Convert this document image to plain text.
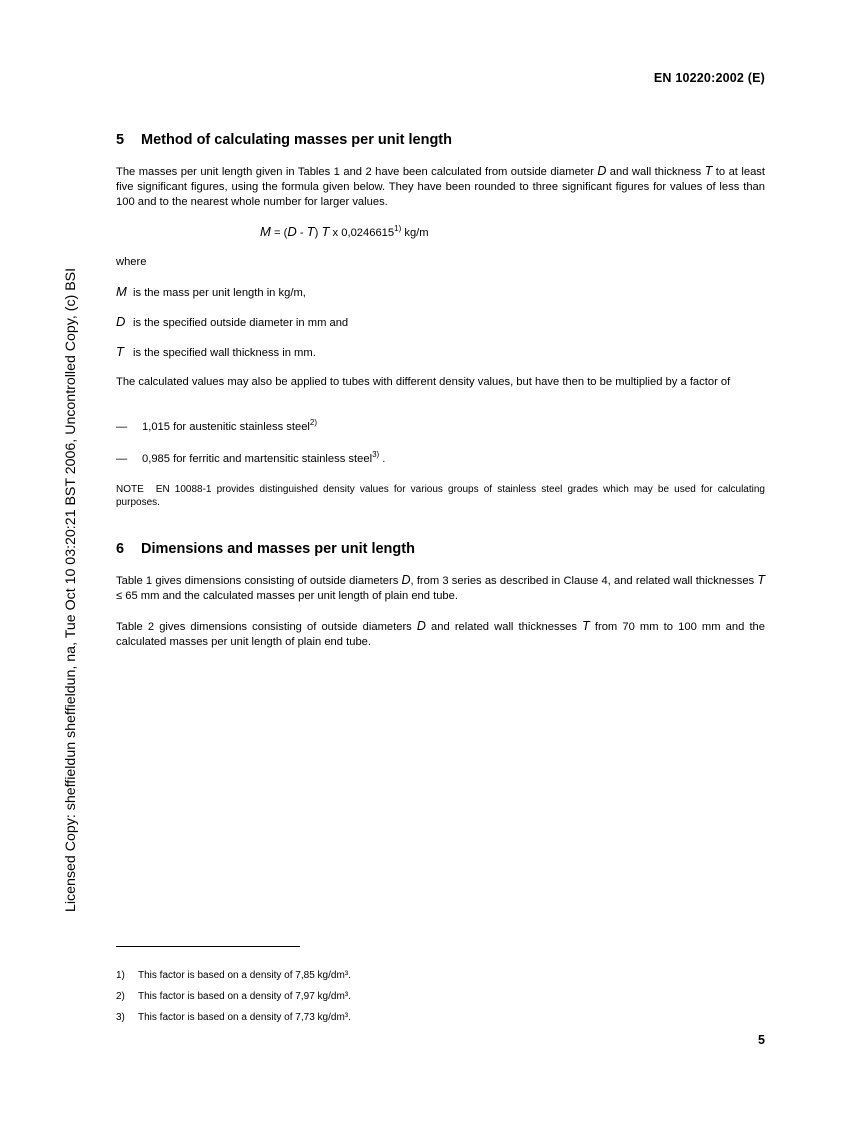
EN 10220:2002 (E)
Licensed Copy: sheffieldun sheffieldun, na, Tue Oct 10 03:20:21 BST 2006, Uncontrolled Copy, (c) BSI
5 Method of calculating masses per unit length
The masses per unit length given in Tables 1 and 2 have been calculated from outside diameter D and wall thickness T to at least five significant figures, using the formula given below. They have been rounded to three significant figures for values of less than 100 and to the nearest whole number for larger values.
M = (D - T) T x 0,0246615$^{1)}$ kg/m
where
M is the mass per unit length in kg/m,
D is the specified outside diameter in mm and
T is the specified wall thickness in mm.
The calculated values may also be applied to tubes with different density values, but have then to be multiplied by a factor of
— 1,015 for austenitic stainless steel$^{2)}$
— 0,985 for ferritic and martensitic stainless steel$^{3)}$ .
NOTE EN 10088-1 provides distinguished density values for various groups of stainless steel grades which may be used for calculating purposes.
6 Dimensions and masses per unit length
Table 1 gives dimensions consisting of outside diameters D, from 3 series as described in Clause 4, and related wall thicknesses T ≤ 65 mm and the calculated masses per unit length of plain end tube.
Table 2 gives dimensions consisting of outside diameters D and related wall thicknesses T from 70 mm to 100 mm and the calculated masses per unit length of plain end tube.
1) This factor is based on a density of 7,85 kg/dm³.
2) This factor is based on a density of 7,97 kg/dm³.
3) This factor is based on a density of 7,73 kg/dm³.
5
